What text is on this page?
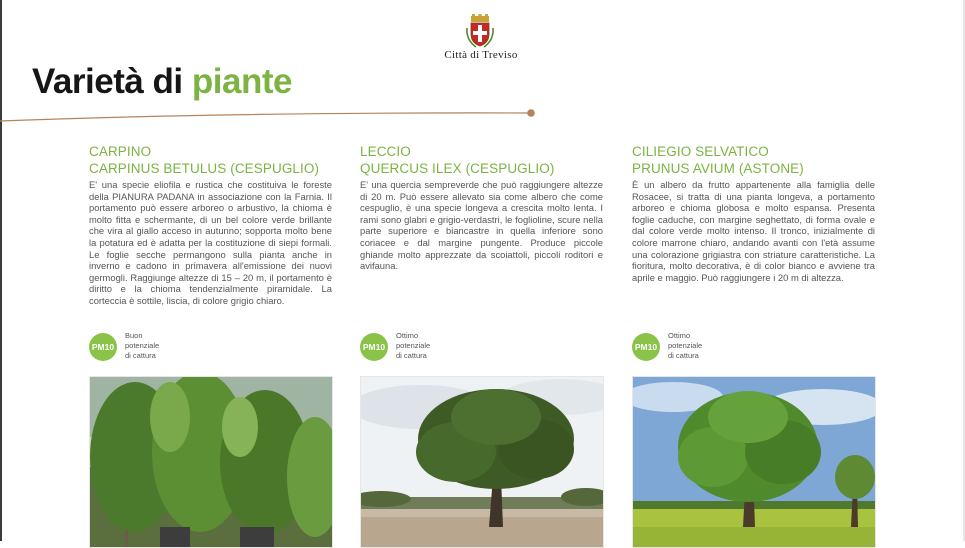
Città di Treviso
Varietà di piante
CARPINO
CARPINUS BETULUS (CESPUGLIO)
E' una specie eliofila e rustica che costituiva le foreste della PIANURA PADANA in associazione con la Farnia. Il portamento può essere arboreo o arbustivo, la chioma è molto fitta e schermante, di un bel colore verde brillante che vira al giallo acceso in autunno; sopporta molto bene la potatura ed è adatta per la costituzione di siepi formali. Le foglie secche permangono sulla pianta anche in inverno e cadono in primavera all'emissione dei nuovi germogli. Raggiunge altezze di 15 – 20 m, il portamento è diritto e la chioma tendenzialmente piramidale. La corteccia è sottile, liscia, di colore grigio chiaro.
PM10
Buon
potenziale
di cattura
LECCIO
QUERCUS ILEX (CESPUGLIO)
E' una quercia sempreverde che può raggiungere altezze di 20 m. Può essere allevato sia come albero che come cespuglio, è una specie longeva a crescita molto lenta. I rami sono glabri e grigio-verdastri, le foglioline, scure nella parte superiore e biancastre in quella inferiore sono coriacee e dal margine pungente. Produce piccole ghiande molto apprezzate da scoiattoli, piccoli roditori e avifauna.
PM10
Ottimo
potenziale
di cattura
CILIEGIO SELVATICO
PRUNUS AVIUM (ASTONE)
È un albero da frutto appartenente alla famiglia delle Rosacee, si tratta di una pianta longeva, a portamento arboreo e chioma globosa e molto espansa. Presenta foglie caduche, con margine seghettato, di forma ovale e dal colore verde molto intenso. Il tronco, inizialmente di colore marrone chiaro, andando avanti con l'età assume una colorazione grigiastra con striature caratteristiche. La fioritura, molto decorativa, è di color bianco e avviene tra aprile e maggio. Può raggiungere i 20 m di altezza.
PM10
Ottimo
potenziale
di cattura
